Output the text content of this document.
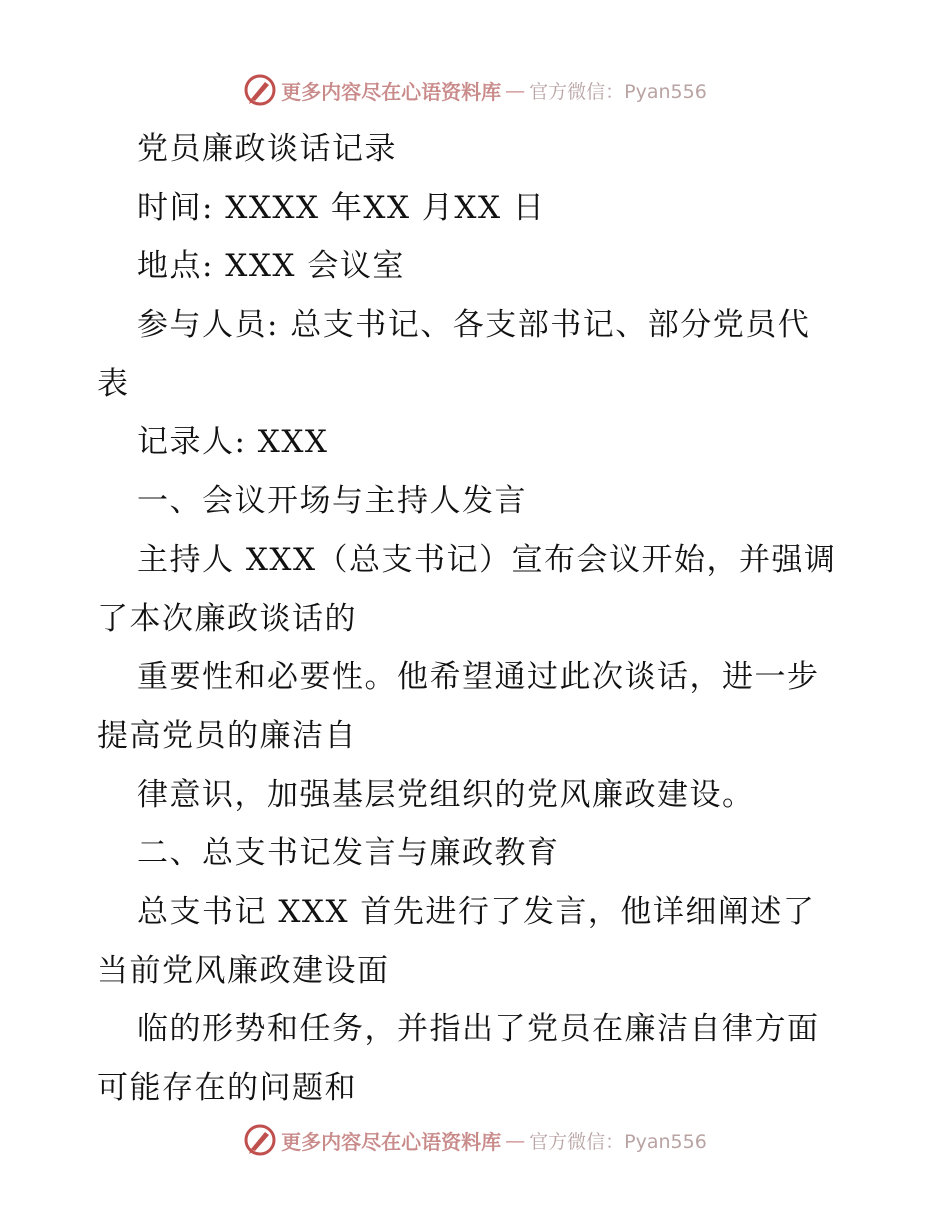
更多内容尽在心语资料库 — 官方微信：Pyan556
党员廉政谈话记录
时间: XXXX 年XX 月XX 日
地点: XXX 会议室
参与人员: 总支书记、各支部书记、部分党员代
表
记录人: XXX
一、会议开场与主持人发言
主持人 XXX（总支书记）宣布会议开始，并强调
了本次廉政谈话的
重要性和必要性。他希望通过此次谈话，进一步
提高党员的廉洁自
律意识，加强基层党组织的党风廉政建设。
二、总支书记发言与廉政教育
总支书记 XXX 首先进行了发言，他详细阐述了
当前党风廉政建设面
临的形势和任务，并指出了党员在廉洁自律方面
可能存在的问题和
更多内容尽在心语资料库 — 官方微信：Pyan556
